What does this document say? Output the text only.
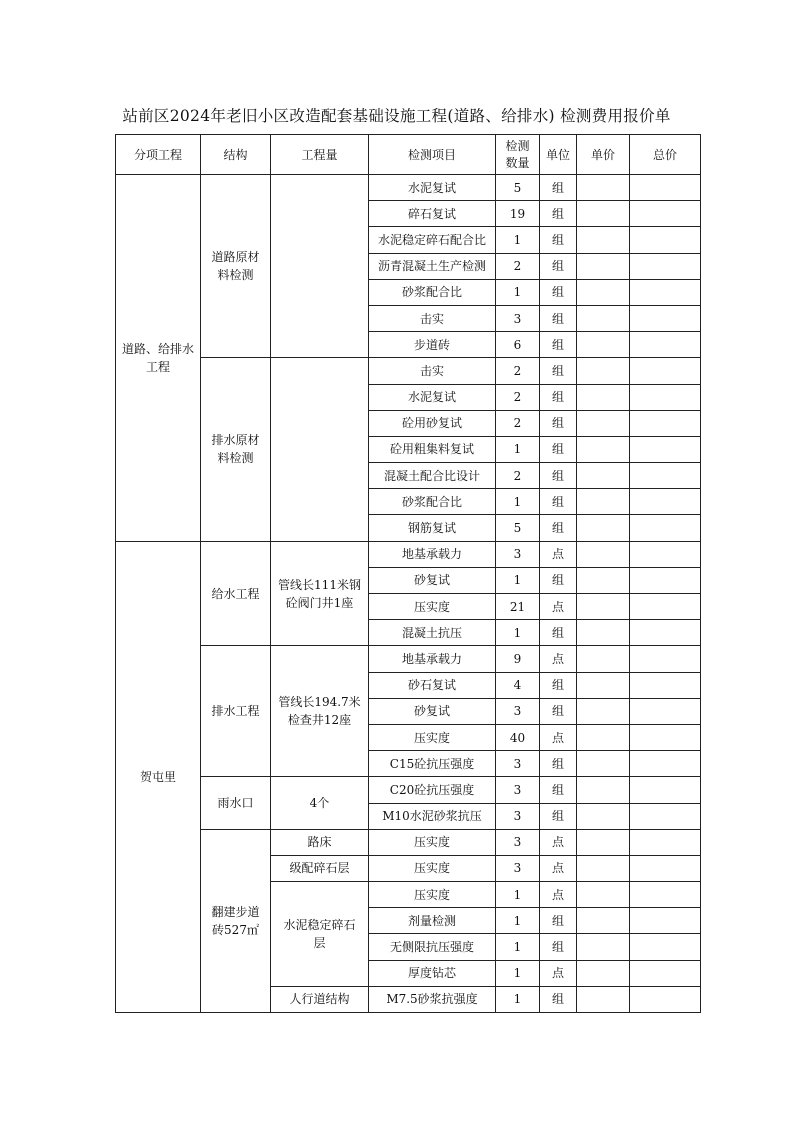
站前区2024年老旧小区改造配套基础设施工程(道路、给排水) 检测费用报价单
分项工程	结构	工程量	检测项目	检测数量	单位	单价	总价
道路、给排水工程	道路原材料检测		水泥复试	5	组		
			碎石复试	19	组		
			水泥稳定碎石配合比	1	组		
			沥青混凝土生产检测	2	组		
			砂浆配合比	1	组		
			击实	3	组		
			步道砖	6	组		
	排水原材料检测		击实	2	组		
			水泥复试	2	组		
			砼用砂复试	2	组		
			砼用粗集料复试	1	组		
			混凝土配合比设计	2	组		
			砂浆配合比	1	组		
			钢筋复试	5	组		
贺屯里	给水工程	管线长111米钢砼阀门井1座	地基承载力	3	点		
			砂复试	1	组		
			压实度	21	点		
			混凝土抗压	1	组		
	排水工程	管线长194.7米检查井12座	地基承载力	9	点		
			砂石复试	4	组		
			砂复试	3	组		
			压实度	40	点		
			C15砼抗压强度	3	组		
	雨水口	4个	C20砼抗压强度	3	组		
			M10水泥砂浆抗压	3	组		
	翻建步道砖527㎡	路床	压实度	3	点		
		级配碎石层	压实度	3	点		
		水泥稳定碎石层	压实度	1	点		
			剂量检测	1	组		
			无侧限抗压强度	1	组		
			厚度钻芯	1	点		
		人行道结构	M7.5砂浆抗强度	1	组		
